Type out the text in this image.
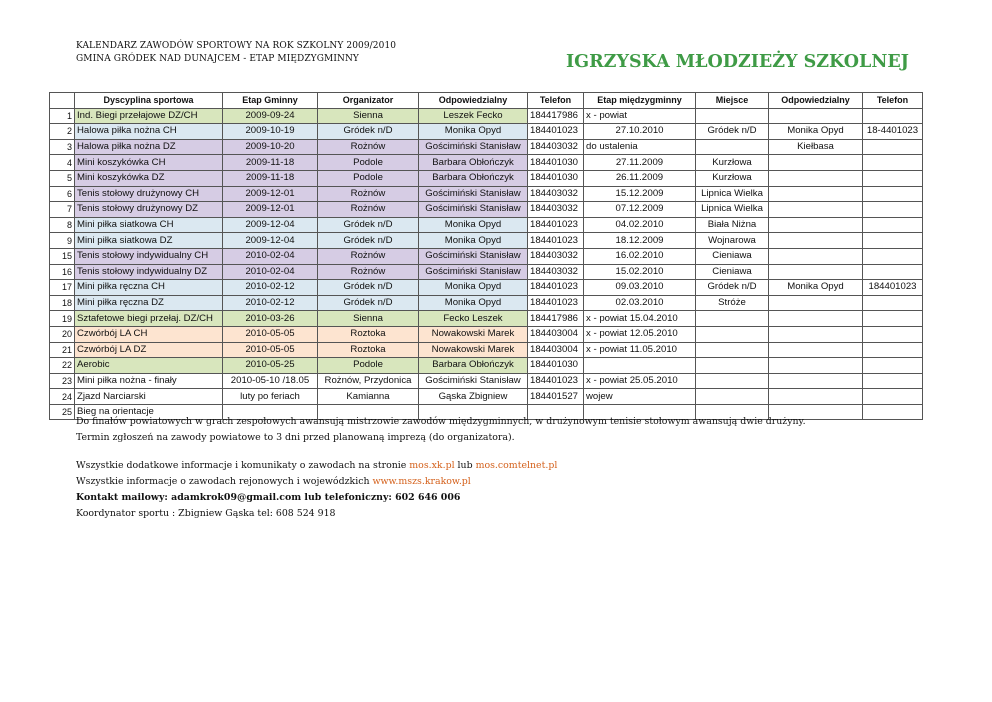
KALENDARZ ZAWODÓW SPORTOWY NA ROK SZKOLNY 2009/2010
GMINA GRÓDEK NAD DUNAJCEM - ETAP MIĘDZYGMINNY	IGRZYSKA MŁODZIEŻY SZKOLNEJ
	Dyscyplina sportowa	Etap Gminny	Organizator	Odpowiedzialny	Telefon	Etap międzygminny	Miejsce	Odpowiedzialny	Telefon
1	Ind. Biegi przełajowe DZ/CH	2009-09-24	Sienna	Leszek Fecko	184417986	x - powiat			
2	Halowa piłka nożna CH	2009-10-19	Gródek n/D	Monika Opyd	184401023	27.10.2010	Gródek n/D	Monika Opyd	18-4401023
3	Halowa piłka nożna DZ	2009-10-20	Rożnów	Gościmiński Stanisław	184403032	do ustalenia		Kiełbasa	
4	Mini koszykówka CH	2009-11-18	Podole	Barbara Obłończyk	184401030	27.11.2009	Kurzłowa		
5	Mini koszykówka DZ	2009-11-18	Podole	Barbara Obłończyk	184401030	26.11.2009	Kurzłowa		
6	Tenis stołowy drużynowy CH	2009-12-01	Rożnów	Gościmiński Stanisław	184403032	15.12.2009	Lipnica Wielka		
7	Tenis stołowy drużynowy DZ	2009-12-01	Rożnów	Gościmiński Stanisław	184403032	07.12.2009	Lipnica Wielka		
8	Mini piłka siatkowa CH	2009-12-04	Gródek n/D	Monika Opyd	184401023	04.02.2010	Biała Niżna		
9	Mini piłka siatkowa DZ	2009-12-04	Gródek n/D	Monika Opyd	184401023	18.12.2009	Wojnarowa		
15	Tenis stołowy indywidualny CH	2010-02-04	Rożnów	Gościmiński Stanisław	184403032	16.02.2010	Cieniawa		
16	Tenis stołowy indywidualny DZ	2010-02-04	Rożnów	Gościmiński Stanisław	184403032	15.02.2010	Cieniawa		
17	Mini piłka ręczna CH	2010-02-12	Gródek n/D	Monika Opyd	184401023	09.03.2010	Gródek n/D	Monika Opyd	184401023
18	Mini piłka ręczna DZ	2010-02-12	Gródek n/D	Monika Opyd	184401023	02.03.2010	Stróże		
19	Sztafetowe biegi przełaj. DZ/CH	2010-03-26	Sienna	Fecko Leszek	184417986	x - powiat 15.04.2010			
20	Czwórbój LA CH	2010-05-05	Roztoka	Nowakowski Marek	184403004	x - powiat 12.05.2010			
21	Czwórbój LA DZ	2010-05-05	Roztoka	Nowakowski Marek	184403004	x - powiat 11.05.2010			
22	Aerobic	2010-05-25	Podole	Barbara Obłończyk	184401030				
23	Mini piłka nożna - finały	2010-05-10 /18.05	Rożnów, Przydonica	Gościmiński Stanisław	184401023	x - powiat 25.05.2010			
24	Zjazd Narciarski	luty po feriach	Kamianna	Gąska Zbigniew	184401527	wojew			
25	Bieg na orientacje								

Do finałów powiatowych w grach zespołowych awansują mistrzowie zawodów międzygminnych, w drużynowym tenisie stołowym awansują dwie drużyny.

Termin zgłoszeń na zawody powiatowe to 3 dni przed planowaną imprezą (do organizatora).

Wszystkie dodatkowe informacje i komunikaty o zawodach na stronie mos.xk.pl lub mos.comtelnet.pl

Wszystkie informacje o zawodach rejonowych i wojewódzkich www.mszs.krakow.pl

Kontakt mailowy: adamkrok09@gmail.com lub telefoniczny: 602 646 006

Koordynator sportu : Zbigniew Gąska tel: 608 524 918
